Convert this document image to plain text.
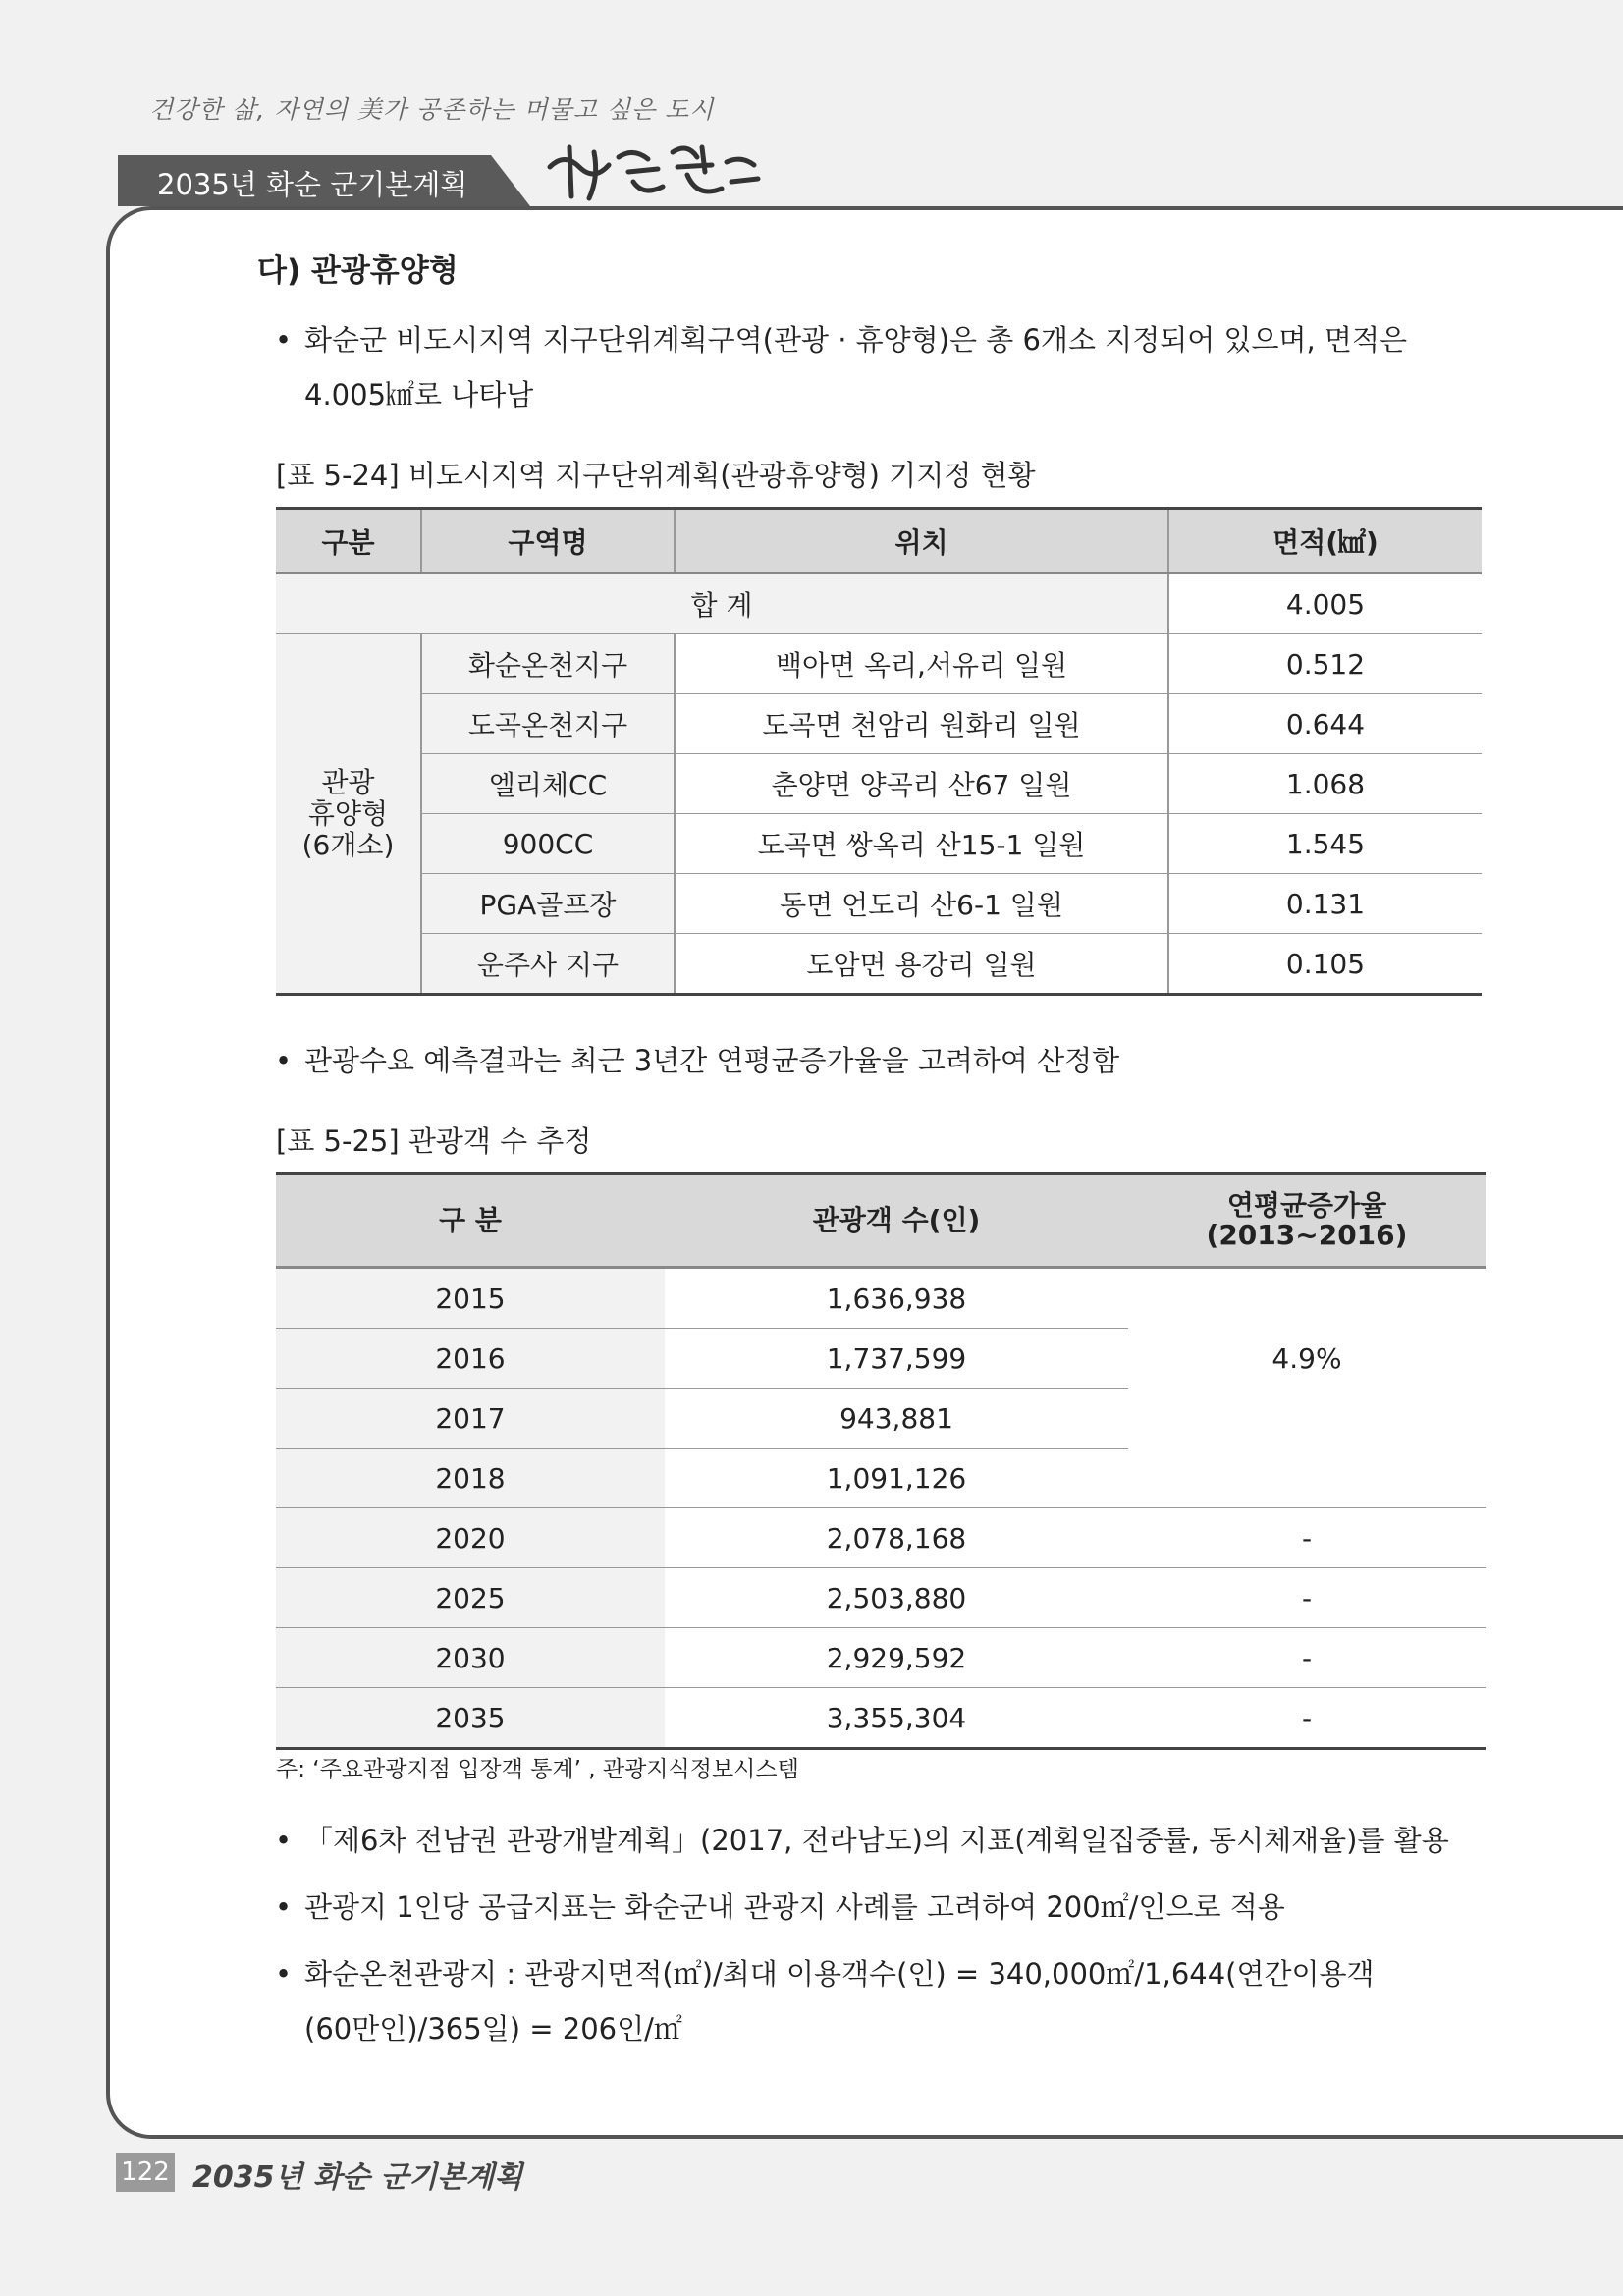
건강한 삶, 자연의 美가 공존하는 머물고 싶은 도시
2035년 화순 군기본계획
다) 관광휴양형
• 화순군 비도시지역 지구단위계획구역(관광 · 휴양형)은 총 6개소 지정되어 있으며, 면적은
4.005㎢로 나타남
[표 5-24] 비도시지역 지구단위계획(관광휴양형) 기지정 현황
구분	구역명	위치	면적(㎢)
합 계			4.005

관광
휴양형
(6개소)	화순온천지구	백아면 옥리,서유리 일원	0.512
	도곡온천지구	도곡면 천암리 원화리 일원	0.644
	엘리체CC	춘양면 양곡리 산67 일원	1.068
	900CC	도곡면 쌍옥리 산15-1 일원	1.545
	PGA골프장	동면 언도리 산6-1 일원	0.131
	운주사 지구	도암면 용강리 일원	0.105
• 관광수요 예측결과는 최근 3년간 연평균증가율을 고려하여 산정함
[표 5-25] 관광객 수 추정
구 분	관광객 수(인)	연평균증가율
(2013~2016)

2015	1,636,938	4.9%
2016	1,737,599	
2017	943,881	
2018	1,091,126	
2020	2,078,168	-
2025	2,503,880	-
2030	2,929,592	-
2035	3,355,304	-
주: ‘주요관광지점 입장객 통계’ , 관광지식정보시스템
• 「제6차 전남권 관광개발계획」(2017, 전라남도)의 지표(계획일집중률, 동시체재율)를 활용
• 관광지 1인당 공급지표는 화순군내 관광지 사례를 고려하여 200㎡/인으로 적용
• 화순온천관광지 : 관광지면적(㎡)/최대 이용객수(인) = 340,000㎡/1,644(연간이용객
(60만인)/365일) = 206인/㎡
122 2035년 화순 군기본계획
